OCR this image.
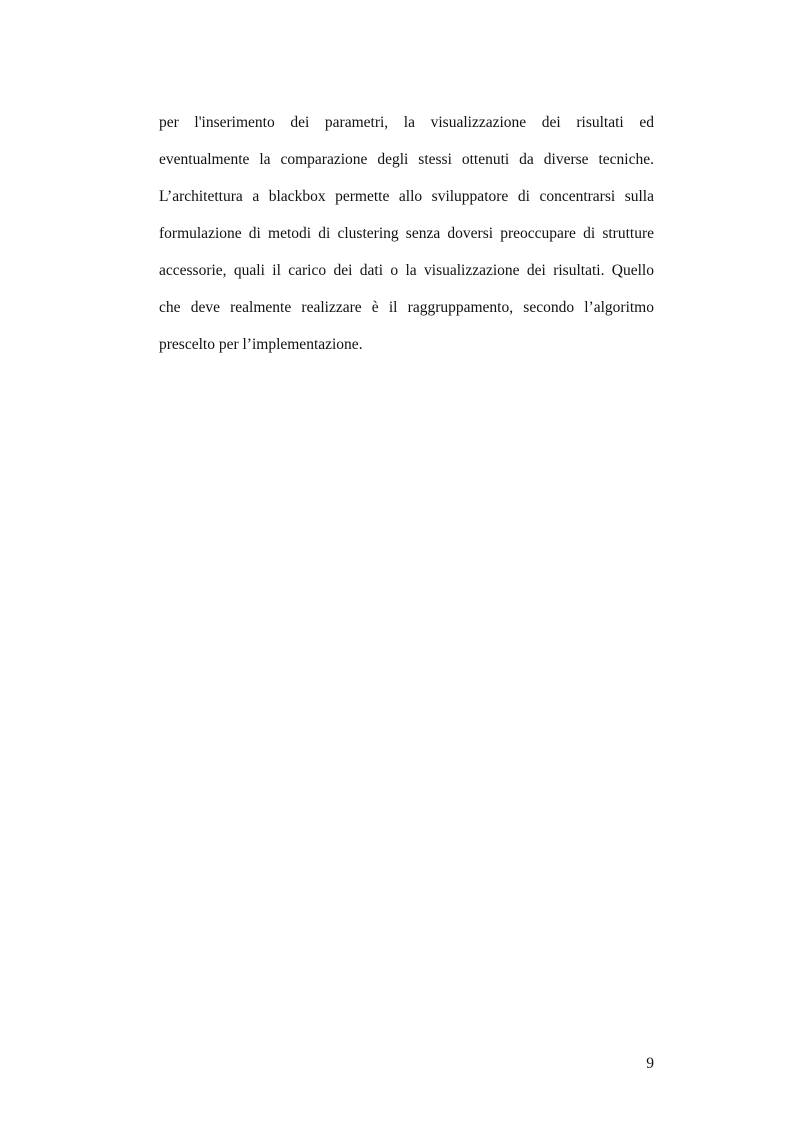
per l'inserimento dei parametri, la visualizzazione dei risultati ed
eventualmente la comparazione degli stessi ottenuti da diverse tecniche.
L’architettura a blackbox permette allo sviluppatore di concentrarsi sulla
formulazione di metodi di clustering senza doversi preoccupare di strutture
accessorie, quali il carico dei dati o la visualizzazione dei risultati. Quello
che deve realmente realizzare è il raggruppamento, secondo l’algoritmo
prescelto per l’implementazione.
9
